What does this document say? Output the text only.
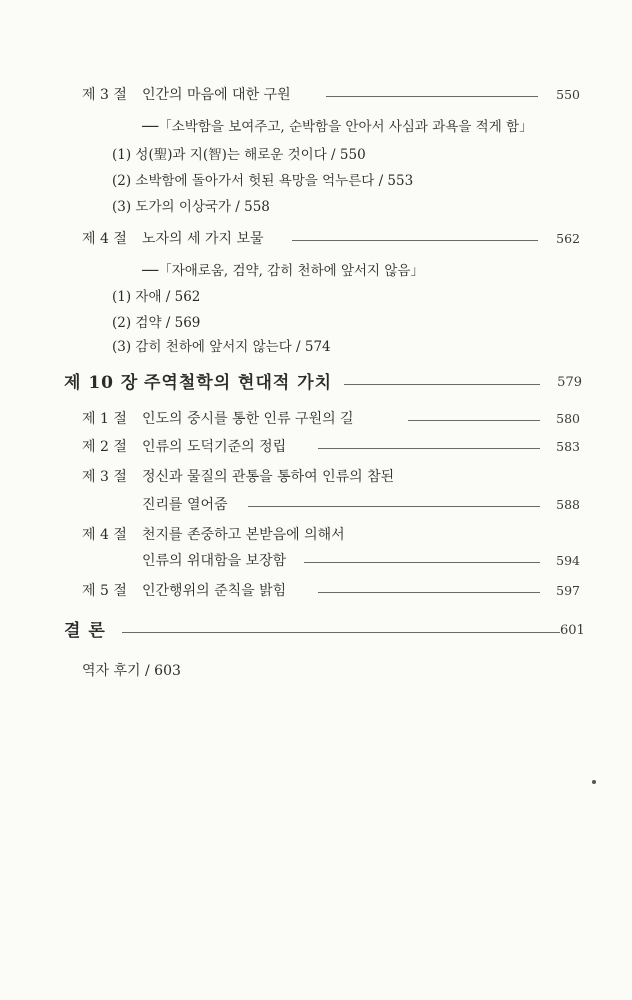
제 3 절 인간의 마음에 대한 구원	550
──「소박함을 보여주고, 순박함을 안아서 사심과 과욕을 적게 함」
(1) 성(聖)과 지(智)는 해로운 것이다 / 550
(2) 소박함에 돌아가서 헛된 욕망을 억누른다 / 553
(3) 도가의 이상국가 / 558
제 4 절 노자의 세 가지 보물	562
──「자애로움, 검약, 감히 천하에 앞서지 않음」
(1) 자애 / 562
(2) 검약 / 569
(3) 감히 천하에 앞서지 않는다 / 574
제 10 장 주역철학의 현대적 가치	579
제 1 절 인도의 중시를 통한 인류 구원의 길	580
제 2 절 인류의 도덕기준의 정립	583
제 3 절 정신과 물질의 관통을 통하여 인류의 참된
진리를 열어줌	588
제 4 절 천지를 존중하고 본받음에 의해서
인류의 위대함을 보장함	594
제 5 절 인간행위의 준칙을 밝힘	597
결 론	601
역자 후기 / 603
